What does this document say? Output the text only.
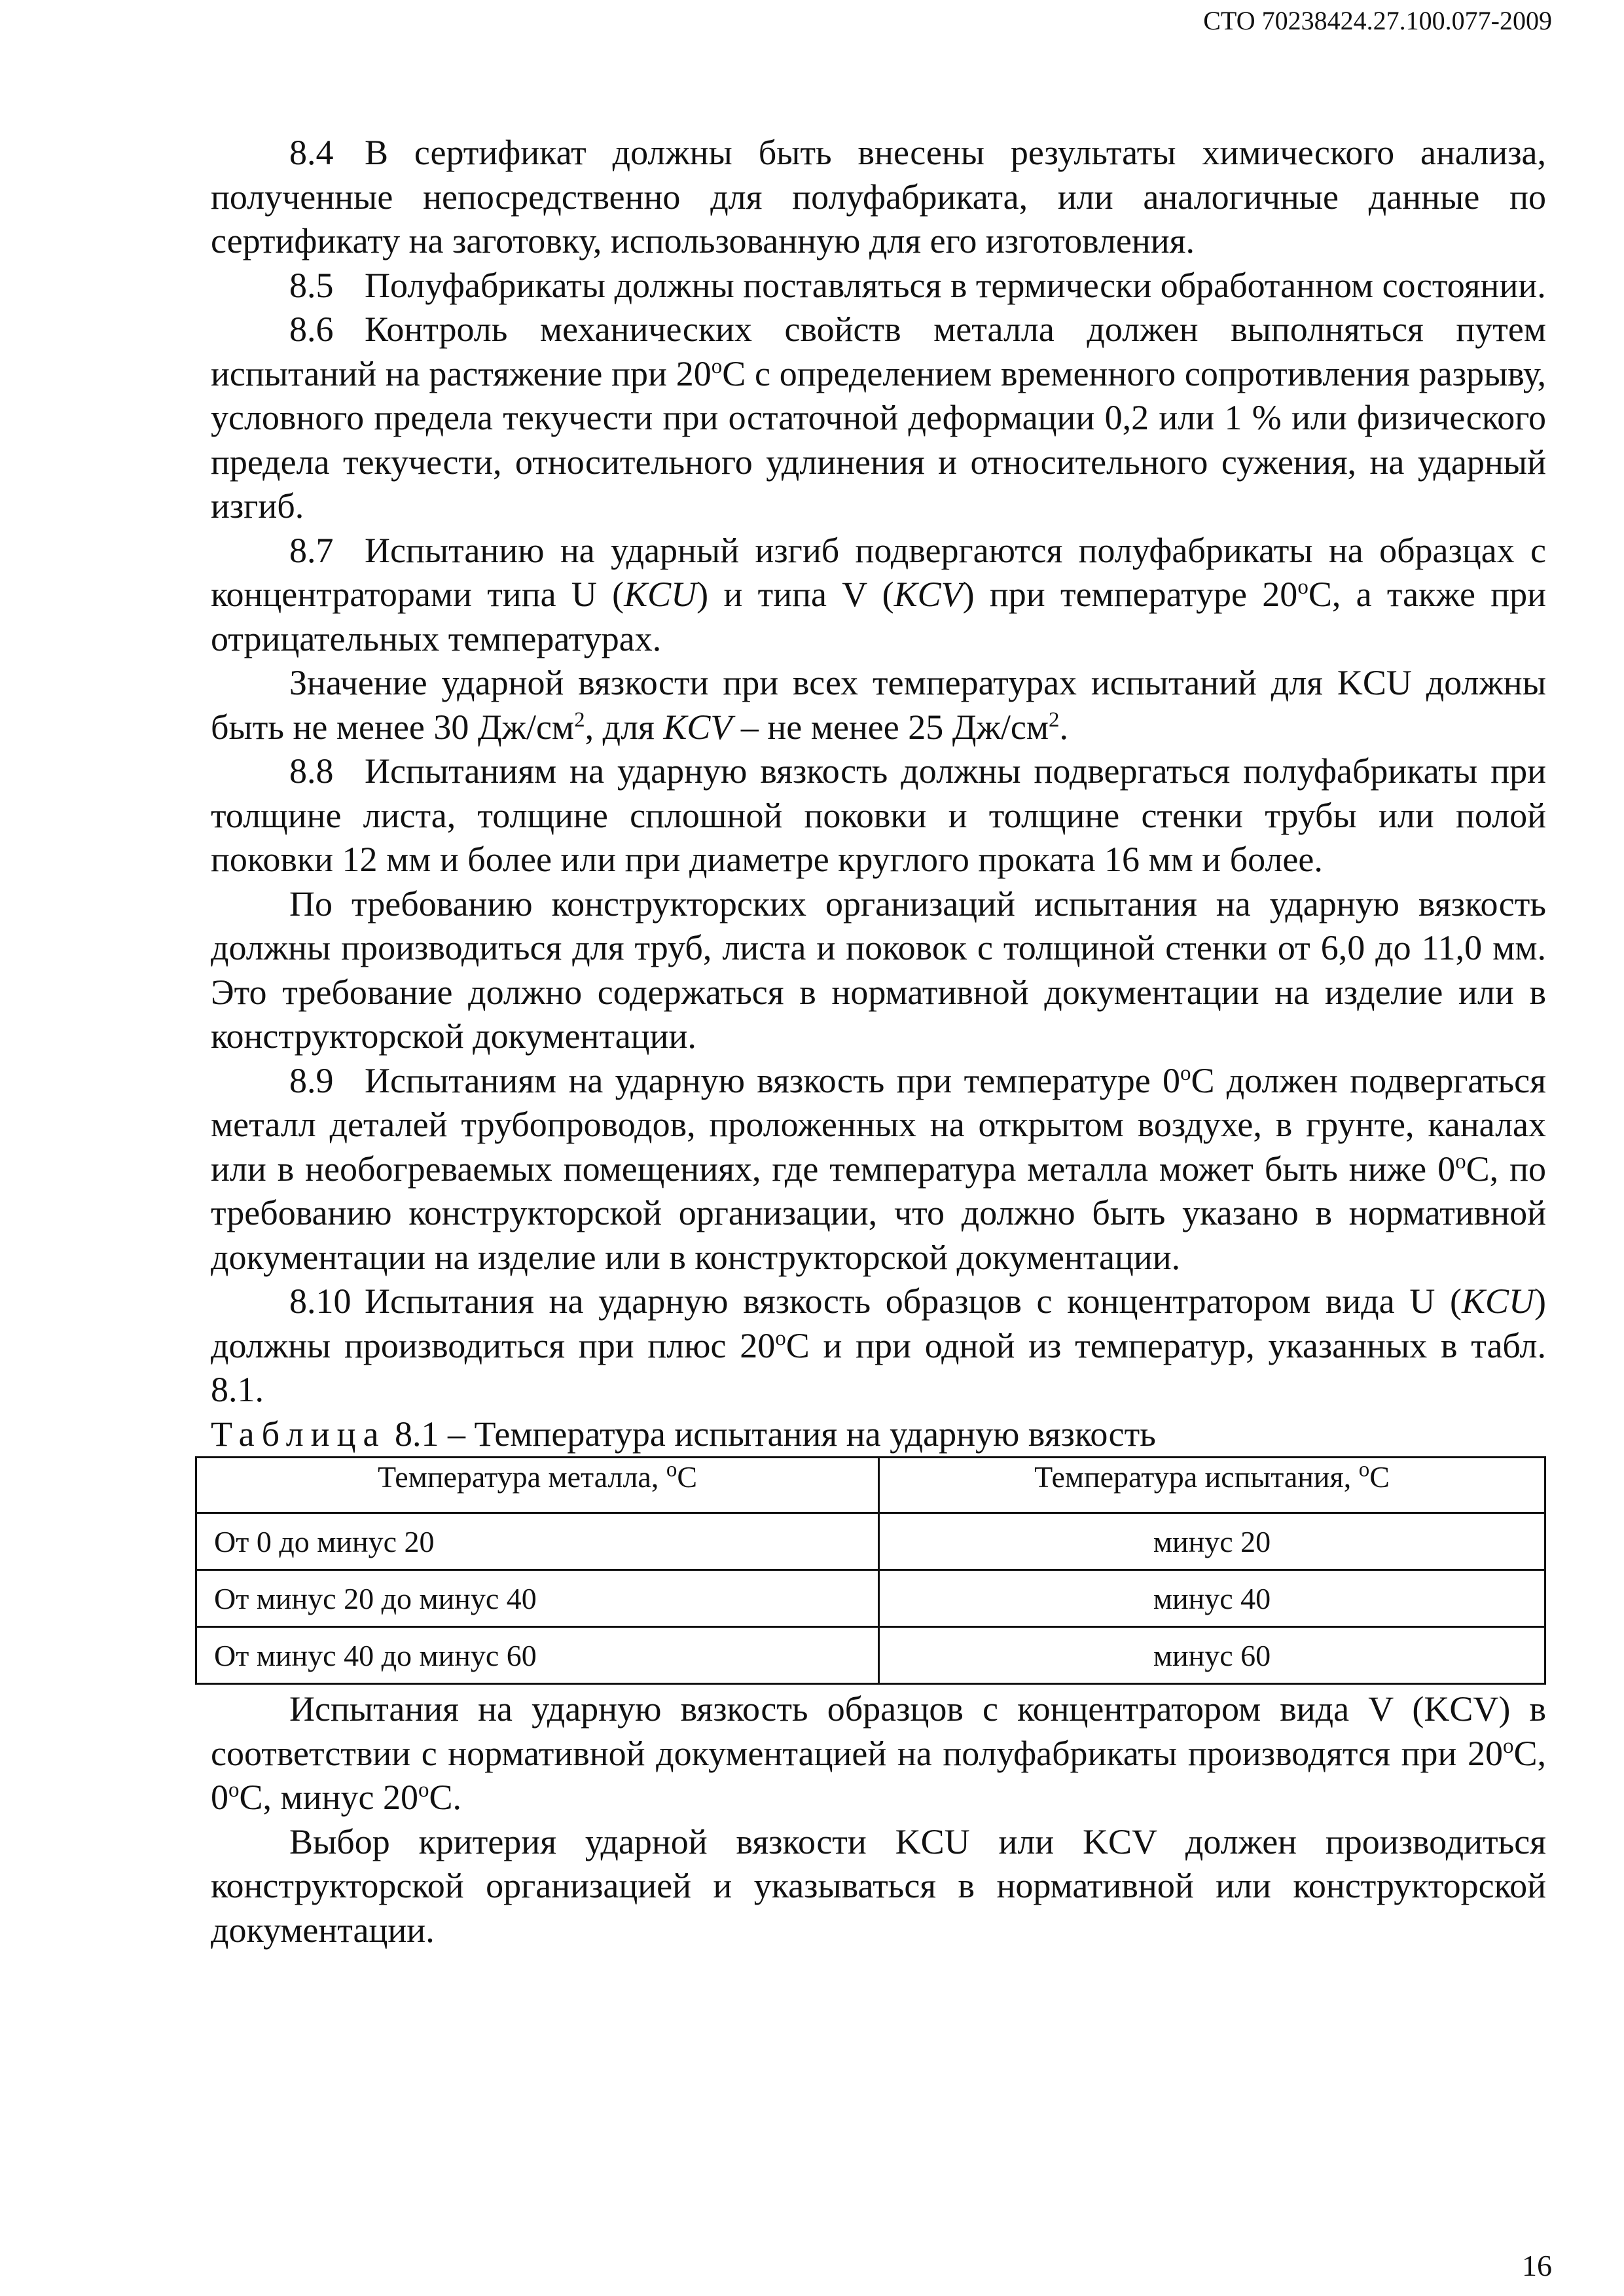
СТО 70238424.27.100.077-2009

8.4 В сертификат должны быть внесены результаты химического анализа, полученные непосредственно для полуфабриката, или аналогичные данные по сертификату на заготовку, использованную для его изготовления.

8.5 Полуфабрикаты должны поставляться в термически обработанном состоянии.

8.6 Контроль механических свойств металла должен выполняться путем испытаний на растяжение при $20^оС$ с определением временного сопротивления разрыву, условного предела текучести при остаточной деформации 0,2 или 1 % или физического предела текучести, относительного удлинения и относительного сужения, на ударный изгиб.

8.7 Испытанию на ударный изгиб подвергаются полуфабрикаты на образцах с концентраторами типа U (KCU) и типа V (KCV) при температуре $20^оС$, а также при отрицательных температурах.

Значение ударной вязкости при всех температурах испытаний для KCU должны быть не менее 30 $Дж/см^2$, для KCV – не менее 25 $Дж/см^2$.

8.8 Испытаниям на ударную вязкость должны подвергаться полуфабрикаты при толщине листа, толщине сплошной поковки и толщине стенки трубы или полой поковки 12 мм и более или при диаметре круглого проката 16 мм и более.

По требованию конструкторских организаций испытания на ударную вязкость должны производиться для труб, листа и поковок с толщиной стенки от 6,0 до 11,0 мм. Это требование должно содержаться в нормативной документации на изделие или в конструкторской документации.

8.9 Испытаниям на ударную вязкость при температуре $0^оС$ должен подвергаться металл деталей трубопроводов, проложенных на открытом воздухе, в грунте, каналах или в необогреваемых помещениях, где температура металла может быть ниже $0^оС$, по требованию конструкторской организации, что должно быть указано в нормативной документации на изделие или в конструкторской документации.

8.10 Испытания на ударную вязкость образцов с концентратором вида U (KCU) должны производиться при плюс $20^оС$ и при одной из температур, указанных в табл. 8.1.

Таблица 8.1 – Температура испытания на ударную вязкость

Температура металла, $^о$С	Температура испытания, $^о$С
От 0 до минус 20	минус 20
От минус 20 до минус 40	минус 40
От минус 40 до минус 60	минус 60

Испытания на ударную вязкость образцов с концентратором вида V (KCV) в соответствии с нормативной документацией на полуфабрикаты производятся при $20^оС$, $0^оС$, минус $20^оС$.

Выбор критерия ударной вязкости KCU или KCV должен производиться конструкторской организацией и указываться в нормативной или конструкторской документации.

16
